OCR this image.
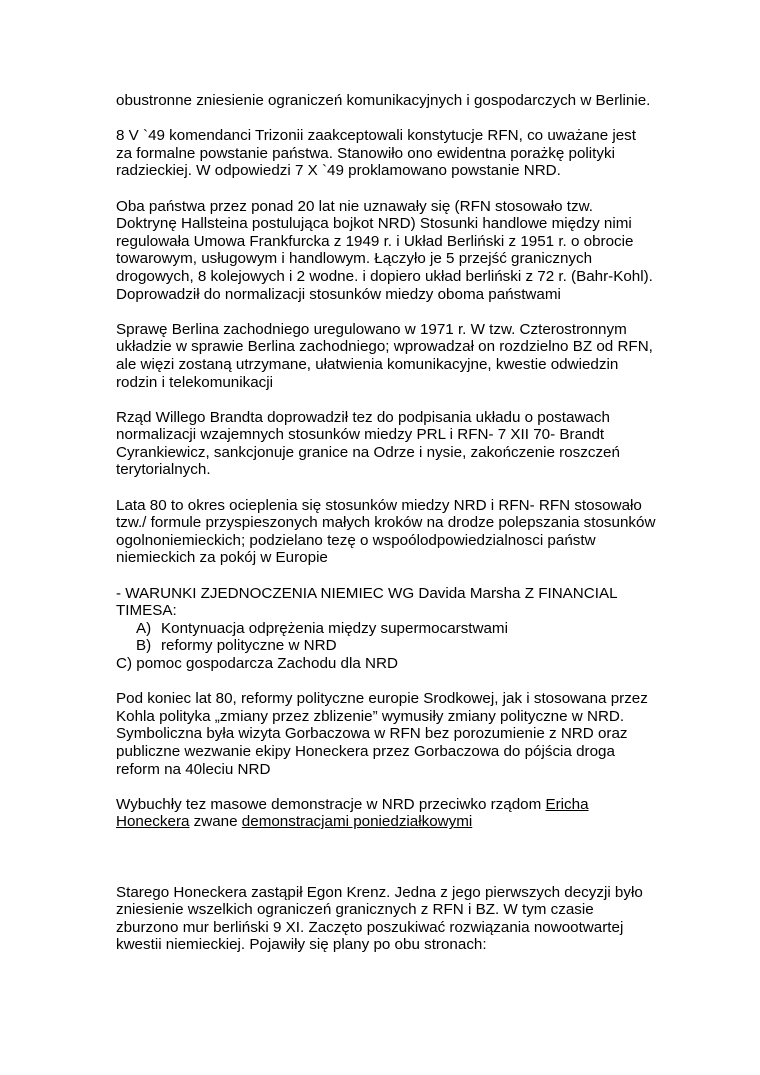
obustronne zniesienie ograniczeń komunikacyjnych i gospodarczych w Berlinie.

8 V `49 komendanci Trizonii zaakceptowali konstytucje RFN, co uważane jest za formalne powstanie państwa. Stanowiło ono ewidentna porażkę polityki radzieckiej. W odpowiedzi 7 X `49 proklamowano powstanie NRD.

Oba państwa przez ponad 20 lat nie uznawały się (RFN stosowało tzw. Doktrynę Hallsteina postulująca bojkot NRD) Stosunki handlowe między nimi regulowała Umowa Frankfurcka z 1949 r. i Układ Berliński z 1951 r. o obrocie towarowym, usługowym i handlowym. Łączyło je 5 przejść granicznych drogowych, 8 kolejowych i 2 wodne. i dopiero układ berliński z 72 r. (Bahr-Kohl). Doprowadził do normalizacji stosunków miedzy oboma państwami

Sprawę Berlina zachodniego uregulowano w 1971 r. W tzw. Czterostronnym układzie w sprawie Berlina zachodniego; wprowadzał on rozdzielno BZ od RFN, ale więzi zostaną utrzymane, ułatwienia komunikacyjne, kwestie odwiedzin rodzin i telekomunikacji

Rząd Willego Brandta doprowadził tez do podpisania układu o postawach normalizacji wzajemnych stosunków miedzy PRL i RFN- 7 XII 70- Brandt Cyrankiewicz, sankcjonuje granice na Odrze i nysie, zakończenie roszczeń terytorialnych.

Lata 80 to okres ocieplenia się stosunków miedzy NRD i RFN- RFN stosowało tzw./ formule przyspieszonych małych kroków na drodze polepszania stosunków ogolnoniemieckich; podzielano tezę o wspoólodpowiedzialnosci państw niemieckich za pokój w Europie

- WARUNKI ZJEDNOCZENIA NIEMIEC WG Davida Marsha Z FINANCIAL TIMESA:

A) Kontynuacja odprężenia między supermocarstwami
B) reformy polityczne w NRD

C) pomoc gospodarcza Zachodu dla NRD

Pod koniec lat 80, reformy polityczne europie Srodkowej, jak i stosowana przez Kohla polityka „zmiany przez zblizenie” wymusiły zmiany polityczne w NRD. Symboliczna była wizyta Gorbaczowa w RFN bez porozumienie z NRD oraz publiczne wezwanie ekipy Honeckera przez Gorbaczowa do pójścia droga reform na 40leciu NRD

Wybuchły tez masowe demonstracje w NRD przeciwko rządom Ericha Honeckera zwane demonstracjami poniedziałkowymi

Starego Honeckera zastąpił Egon Krenz. Jedna z jego pierwszych decyzji było zniesienie wszelkich ograniczeń granicznych z RFN i BZ. W tym czasie zburzono mur berliński 9 XI. Zaczęto poszukiwać rozwiązania nowootwartej kwestii niemieckiej. Pojawiły się plany po obu stronach:
